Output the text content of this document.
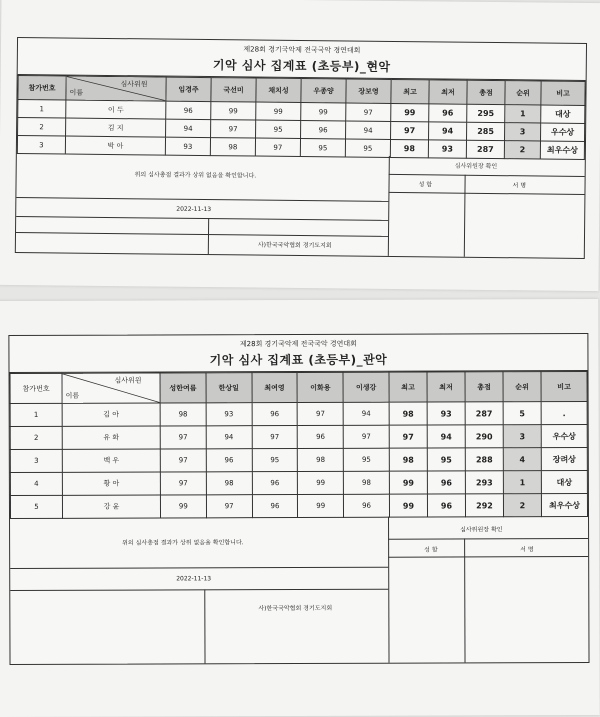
제28회 경기국악제 전국국악 경연대회
기악 심사 집계표 (초등부)_현악
참가번호	심사위원
이름	임경주	국선미	채치성	우종양	장보영	최고	최저	총점	순위	비고
1	이 두	96	99	99	99	97	99	96	295	1	대상
2	김 지	94	97	95	96	94	97	94	285	3	우수상
3	박 아	93	98	97	95	95	98	93	287	2	최우수상
위의 심사총점 결과가 상위 없음을 확인합니다.
2022-11-13
사)한국국악협회 경기도지회
심사위원장 확인
성 함	서 명
제28회 경기국악제 전국국악 경연대회
기악 심사 집계표 (초등부)_관악
참가번호	심사위원
이름	성한여름	한상일	최여영	이화용	이생강	최고	최저	총점	순위	비고
1	김 아	98	93	96	97	94	98	93	287	5	.
2	유 화	97	94	97	96	97	97	94	290	3	우수상
3	백 우	97	96	95	98	95	98	95	288	4	장려상
4	황 아	97	98	96	99	98	99	96	293	1	대상
5	강 윤	99	97	96	99	96	99	96	292	2	최우수상
위의 심사총점 결과가 상위 없음을 확인합니다.
2022-11-13
사)한국국악협회 경기도지회
심사위원장 확인
성 함	서 명
